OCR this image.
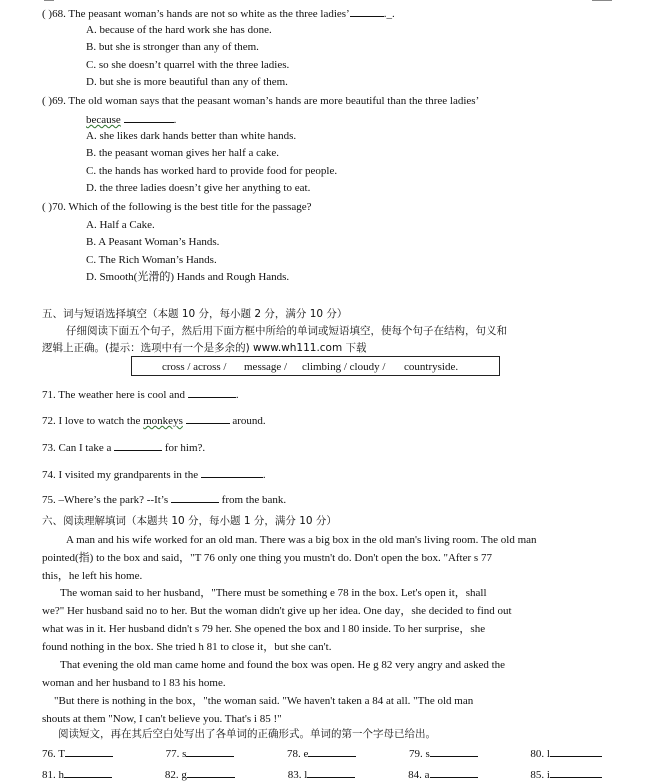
( )68. The peasant woman’s hands are not so white as the three ladies’	._.
A. because of the hard work she has done.
B. but she is stronger than any of them.
C. so she doesn’t quarrel with the three ladies.
D. but she is more beautiful than any of them.
( )69. The old woman says that the peasant woman’s hands are more beautiful than the three ladies’
because	.
A. she likes dark hands better than white hands.
B. the peasant woman gives her half a cake.
C. the hands has worked hard to provide food for people.
D. the three ladies doesn’t give her anything to eat.
( )70. Which of the following is the best title for the passage?
A. Half a Cake.
B. A Peasant Woman’s Hands.
C. The Rich Woman’s Hands.
D. Smooth(光滑的) Hands and Rough Hands.
五、词与短语选择填空（本题 10 分，每小题 2 分，满分 10 分）
仔细阅读下面五个句子，然后用下面方框中所给的单词或短语填空，使每个句子在结构，句义和
逻辑上正确。(提示：选项中有一个是多余的) www.wh111.com 下载
cross / across / message / climbing / cloudy / countryside.
71. The weather here is cool and	.
72. I love to watch the monkeys	around.
73. Can I take a	for him?.
74. I visited my grandparents in the	.
75. –Where’s the park? --It’s	from the bank.
六、阅读理解填词（本题共 10 分，每小题 1 分，满分 10 分）
A man and his wife worked for an old man. There was a big box in the old man's living room. The old man
pointed(指) to the box and said，"T 76 only one thing you mustn't do. Don't open the box. "After s 77
this，he left his home.
The woman said to her husband，"There must be something e 78 in the box. Let's open it，shall
we?" Her husband said no to her. But the woman didn't give up her idea. One day，she decided to find out
what was in it. Her husband didn't s 79 her. She opened the box and l 80 inside. To her surprise，she
found nothing in the box. She tried h 81 to close it，but she can't.
That evening the old man came home and found the box was open. He g 82 very angry and asked the
woman and her husband to l 83 his home.
"But there is nothing in the box，"the woman said. "We haven't taken a 84 at all. "The old man
shouts at them "Now, I can't believe you. That's i 85 !"
阅读短文，再在其后空白处写出了各单词的正确形式。单词的第一个字母已给出。
76. T	77. s	78. e	79. s	80. l
81. h	82. g	83. l	84. a	85. i
